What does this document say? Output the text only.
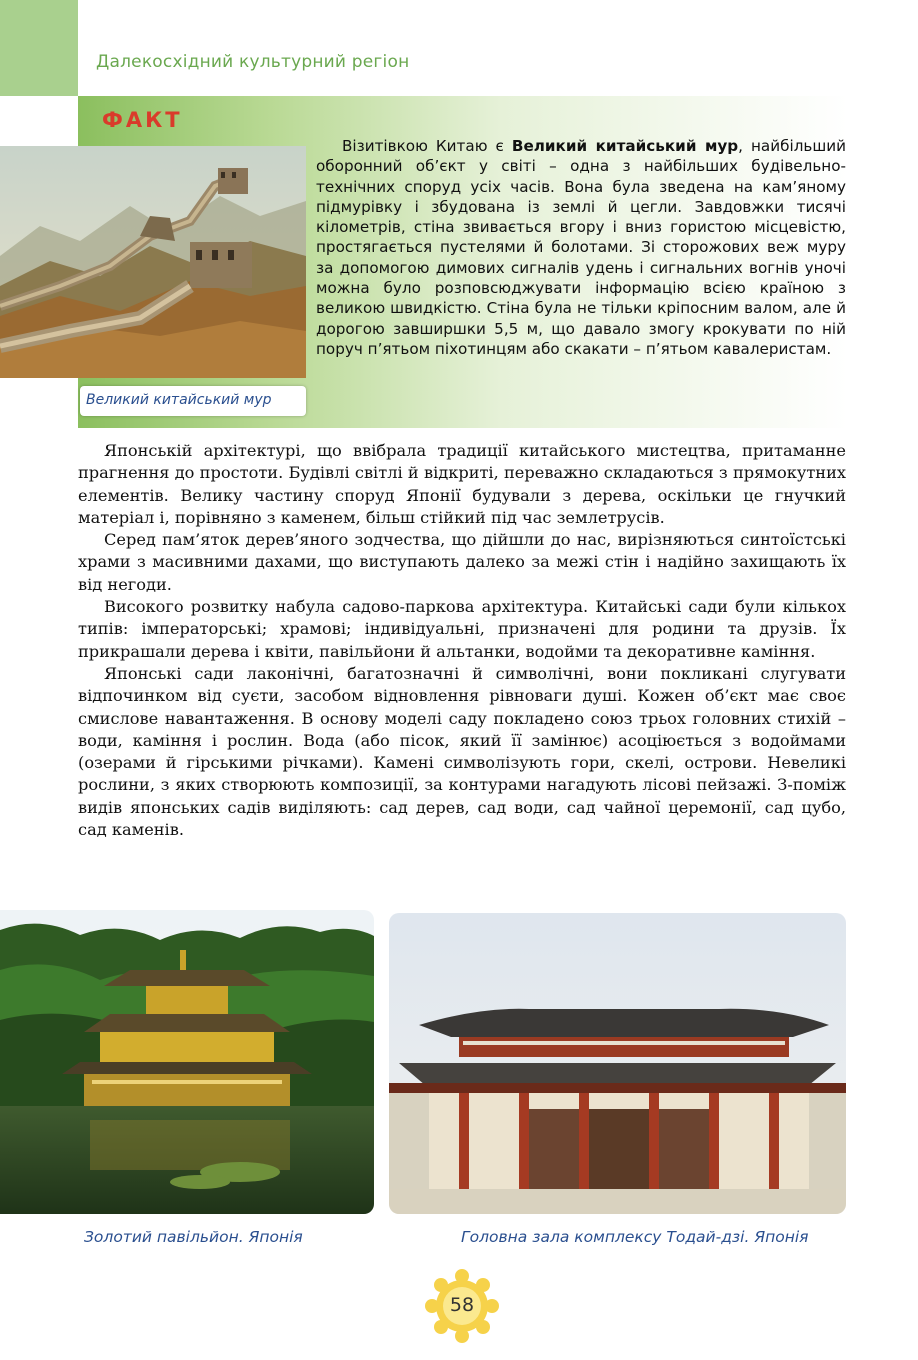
Далекосхідний культурний регіон
ФАКТ
Великий китайський мур
Візитівкою Китаю є Великий китайський мур, найбільший оборонний об’єкт у світі – одна з найбільших будівельно-технічних споруд усіх часів. Вона була зведена на кам’яному підмурівку і збудована із землі й цегли. Завдовжки тисячі кілометрів, стіна звивається вгору і вниз гористою місцевістю, простягається пустелями й болотами. Зі сторожових веж муру за допомогою димових сигналів удень і сигнальних вогнів уночі можна було розповсюджувати інформацію всією країною з великою швидкістю. Стіна була не тільки кріпосним валом, але й дорогою завширшки 5,5 м, що давало змогу крокувати по ній поруч п’ятьом піхотинцям або скакати – п’ятьом кавалеристам.

Японській архітектурі, що ввібрала традиції китайського мистецтва, притаманне прагнення до простоти. Будівлі світлі й відкриті, переважно складаються з прямокутних елементів. Велику частину споруд Японії будували з дерева, оскільки це гнучкий матеріал і, порівняно з каменем, більш стійкий під час землетрусів.

Серед пам’яток дерев’яного зодчества, що дійшли до нас, вирізняються синтоїстські храми з масивними дахами, що виступають далеко за межі стін і надійно захищають їх від негоди.

Високого розвитку набула садово-паркова архітектура. Китайські сади були кількох типів: імператорські; храмові; індивідуальні, призначені для родини та друзів. Їх прикрашали дерева і квіти, павільйони й альтанки, водойми та декоративне каміння.

Японські сади лаконічні, багатозначні й символічні, вони покликані слугувати відпочинком від суєти, засобом відновлення рівноваги душі. Кожен об’єкт має своє смислове навантаження. В основу моделі саду покладено союз трьох головних стихій – води, каміння і рослин. Вода (або пісок, який її замінює) асоціюється з водоймами (озерами й гірськими річками). Камені символізують гори, скелі, острови. Невеликі рослини, з яких створюють композиції, за контурами нагадують лісові пейзажі. З-поміж видів японських садів виділяють: сад дерев, сад води, сад чайної церемонії, сад цубо, сад каменів.

Золотий павільйон. Японія	Головна зала комплексу Тодай-дзі. Японія
58
